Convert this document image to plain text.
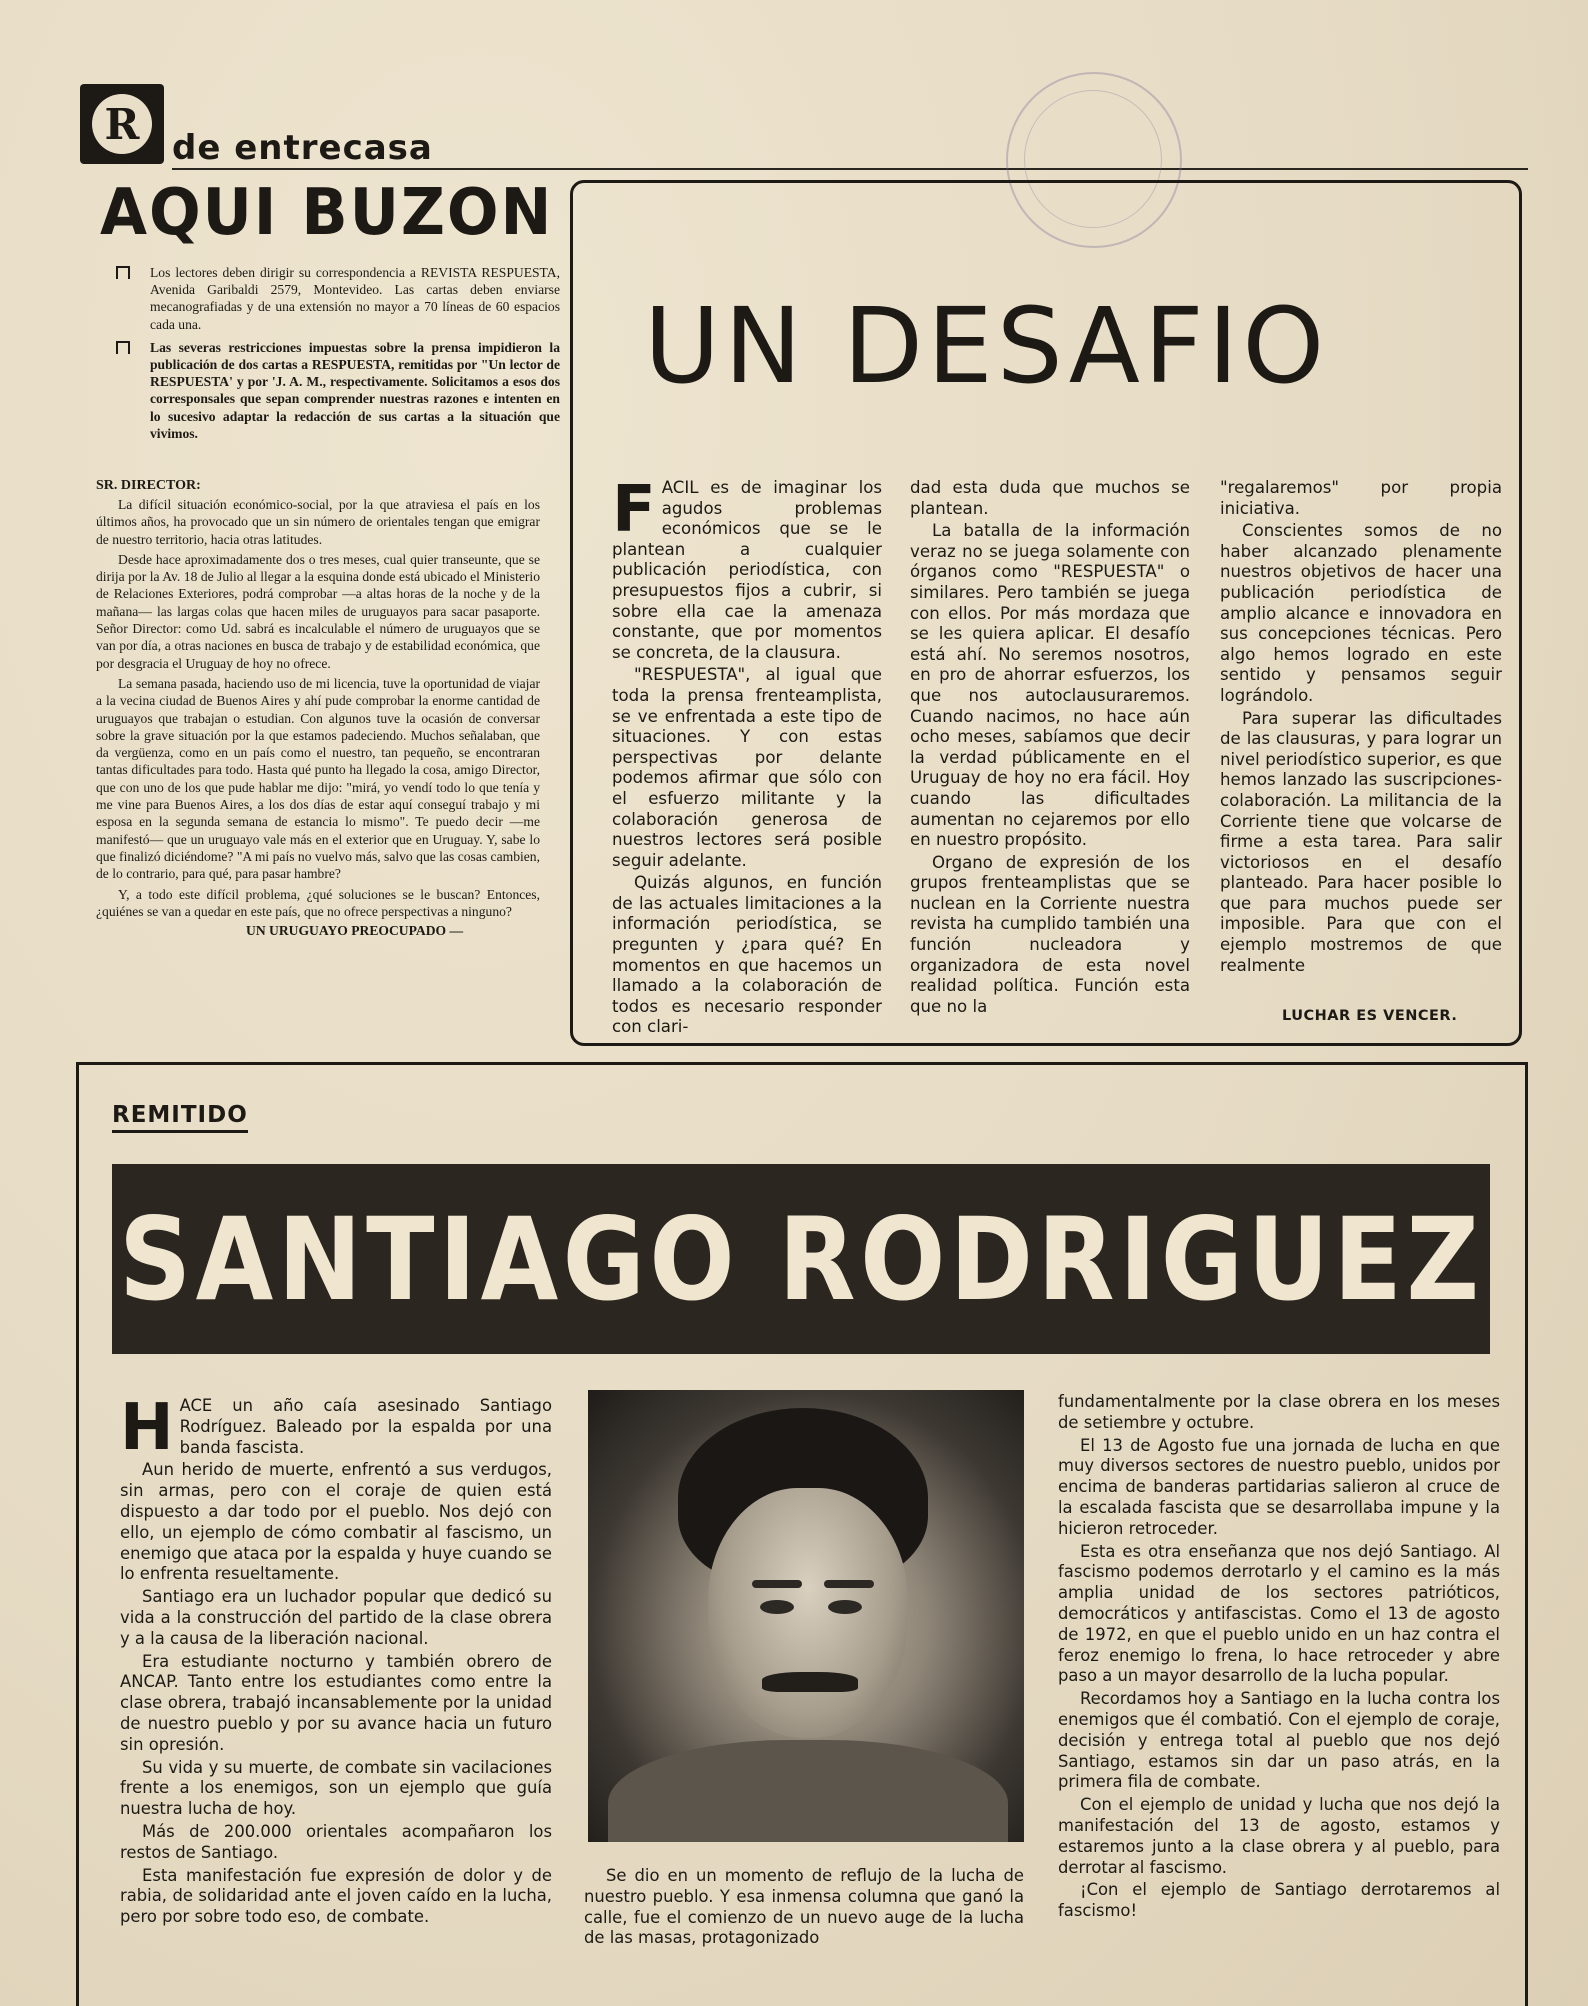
R de entrecasa
AQUI BUZON
Los lectores deben dirigir su correspondencia a REVISTA RESPUESTA, Avenida Garibaldi 2579, Montevideo. Las cartas deben enviarse mecanografiadas y de una extensión no mayor a 70 líneas de 60 espacios cada una.
Las severas restricciones impuestas sobre la prensa impidieron la publicación de dos cartas a RESPUESTA, remitidas por "Un lector de RESPUESTA' y por 'J. A. M., respectivamente. Solicitamos a esos dos corresponsales que sepan comprender nuestras razones e intenten en lo sucesivo adaptar la redacción de sus cartas a la situación que vivimos.
SR. DIRECTOR:

La difícil situación económico-social, por la que atraviesa el país en los últimos años, ha provocado que un sin número de orientales tengan que emigrar de nuestro territorio, hacia otras latitudes.

Desde hace aproximadamente dos o tres meses, cual quier transeunte, que se dirija por la Av. 18 de Julio al llegar a la esquina donde está ubicado el Ministerio de Relaciones Exteriores, podrá comprobar —a altas horas de la noche y de la mañana— las largas colas que hacen miles de uruguayos para sacar pasaporte. Señor Director: como Ud. sabrá es incalculable el número de uruguayos que se van por día, a otras naciones en busca de trabajo y de estabilidad económica, que por desgracia el Uruguay de hoy no ofrece.

La semana pasada, haciendo uso de mi licencia, tuve la oportunidad de viajar a la vecina ciudad de Buenos Aires y ahí pude comprobar la enorme cantidad de uruguayos que trabajan o estudian. Con algunos tuve la ocasión de conversar sobre la grave situación por la que estamos padeciendo. Muchos señalaban, que da vergüenza, como en un país como el nuestro, tan pequeño, se encontraran tantas dificultades para todo. Hasta qué punto ha llegado la cosa, amigo Director, que con uno de los que pude hablar me dijo: "mirá, yo vendí todo lo que tenía y me vine para Buenos Aires, a los dos días de estar aquí conseguí trabajo y mi esposa en la segunda semana de estancia lo mismo". Te puedo decir —me manifestó— que un uruguayo vale más en el exterior que en Uruguay. Y, sabe lo que finalizó diciéndome? "A mi país no vuelvo más, salvo que las cosas cambien, de lo contrario, para qué, para pasar hambre?

Y, a todo este difícil problema, ¿qué soluciones se le buscan? Entonces, ¿quiénes se van a quedar en este país, que no ofrece perspectivas a ninguno?

UN URUGUAYO PREOCUPADO —
UN DESAFIO

FACIL es de imaginar los agudos problemas económicos que se le plantean a cualquier publicación periodística, con presupuestos fijos a cubrir, si sobre ella cae la amenaza constante, que por momentos se concreta, de la clausura.

"RESPUESTA", al igual que toda la prensa frenteamplista, se ve enfrentada a este tipo de situaciones. Y con estas perspectivas por delante podemos afirmar que sólo con el esfuerzo militante y la colaboración generosa de nuestros lectores será posible seguir adelante.

Quizás algunos, en función de las actuales limitaciones a la información periodística, se pregunten y ¿para qué? En momentos en que hacemos un llamado a la colaboración de todos es necesario responder con clari-

dad esta duda que muchos se plantean.

La batalla de la información veraz no se juega solamente con órganos como "RESPUESTA" o similares. Pero también se juega con ellos. Por más mordaza que se les quiera aplicar. El desafío está ahí. No seremos nosotros, en pro de ahorrar esfuerzos, los que nos autoclausuraremos. Cuando nacimos, no hace aún ocho meses, sabíamos que decir la verdad públicamente en el Uruguay de hoy no era fácil. Hoy cuando las dificultades aumentan no cejaremos por ello en nuestro propósito.

Organo de expresión de los grupos frenteamplistas que se nuclean en la Corriente nuestra revista ha cumplido también una función nucleadora y organizadora de esta novel realidad política. Función esta que no la

"regalaremos" por propia iniciativa.

Conscientes somos de no haber alcanzado plenamente nuestros objetivos de hacer una publicación periodística de amplio alcance e innovadora en sus concepciones técnicas. Pero algo hemos logrado en este sentido y pensamos seguir lográndolo.

Para superar las dificultades de las clausuras, y para lograr un nivel periodístico superior, es que hemos lanzado las suscripciones-colaboración. La militancia de la Corriente tiene que volcarse de firme a esta tarea. Para salir victoriosos en el desafío planteado. Para hacer posible lo que para muchos puede ser imposible. Para que con el ejemplo mostremos de que realmente

LUCHAR ES VENCER.
REMITIDO
SANTIAGO RODRIGUEZ

HACE un año caía asesinado Santiago Rodríguez. Baleado por la espalda por una banda fascista.

Aun herido de muerte, enfrentó a sus verdugos, sin armas, pero con el coraje de quien está dispuesto a dar todo por el pueblo. Nos dejó con ello, un ejemplo de cómo combatir al fascismo, un enemigo que ataca por la espalda y huye cuando se lo enfrenta resueltamente.

Santiago era un luchador popular que dedicó su vida a la construcción del partido de la clase obrera y a la causa de la liberación nacional.

Era estudiante nocturno y también obrero de ANCAP. Tanto entre los estudiantes como entre la clase obrera, trabajó incansablemente por la unidad de nuestro pueblo y por su avance hacia un futuro sin opresión.

Su vida y su muerte, de combate sin vacilaciones frente a los enemigos, son un ejemplo que guía nuestra lucha de hoy.

Más de 200.000 orientales acompañaron los restos de Santiago.

Esta manifestación fue expresión de dolor y de rabia, de solidaridad ante el joven caído en la lucha, pero por sobre todo eso, de combate.

Se dio en un momento de reflujo de la lucha de nuestro pueblo. Y esa inmensa columna que ganó la calle, fue el comienzo de un nuevo auge de la lucha de las masas, protagonizado

fundamentalmente por la clase obrera en los meses de setiembre y octubre.

El 13 de Agosto fue una jornada de lucha en que muy diversos sectores de nuestro pueblo, unidos por encima de banderas partidarias salieron al cruce de la escalada fascista que se desarrollaba impune y la hicieron retroceder.

Esta es otra enseñanza que nos dejó Santiago. Al fascismo podemos derrotarlo y el camino es la más amplia unidad de los sectores patrióticos, democráticos y antifascistas. Como el 13 de agosto de 1972, en que el pueblo unido en un haz contra el feroz enemigo lo frena, lo hace retroceder y abre paso a un mayor desarrollo de la lucha popular.

Recordamos hoy a Santiago en la lucha contra los enemigos que él combatió. Con el ejemplo de coraje, decisión y entrega total al pueblo que nos dejó Santiago, estamos sin dar un paso atrás, en la primera fila de combate.

Con el ejemplo de unidad y lucha que nos dejó la manifestación del 13 de agosto, estamos y estaremos junto a la clase obrera y al pueblo, para derrotar al fascismo.

¡Con el ejemplo de Santiago derrotaremos al fascismo!
